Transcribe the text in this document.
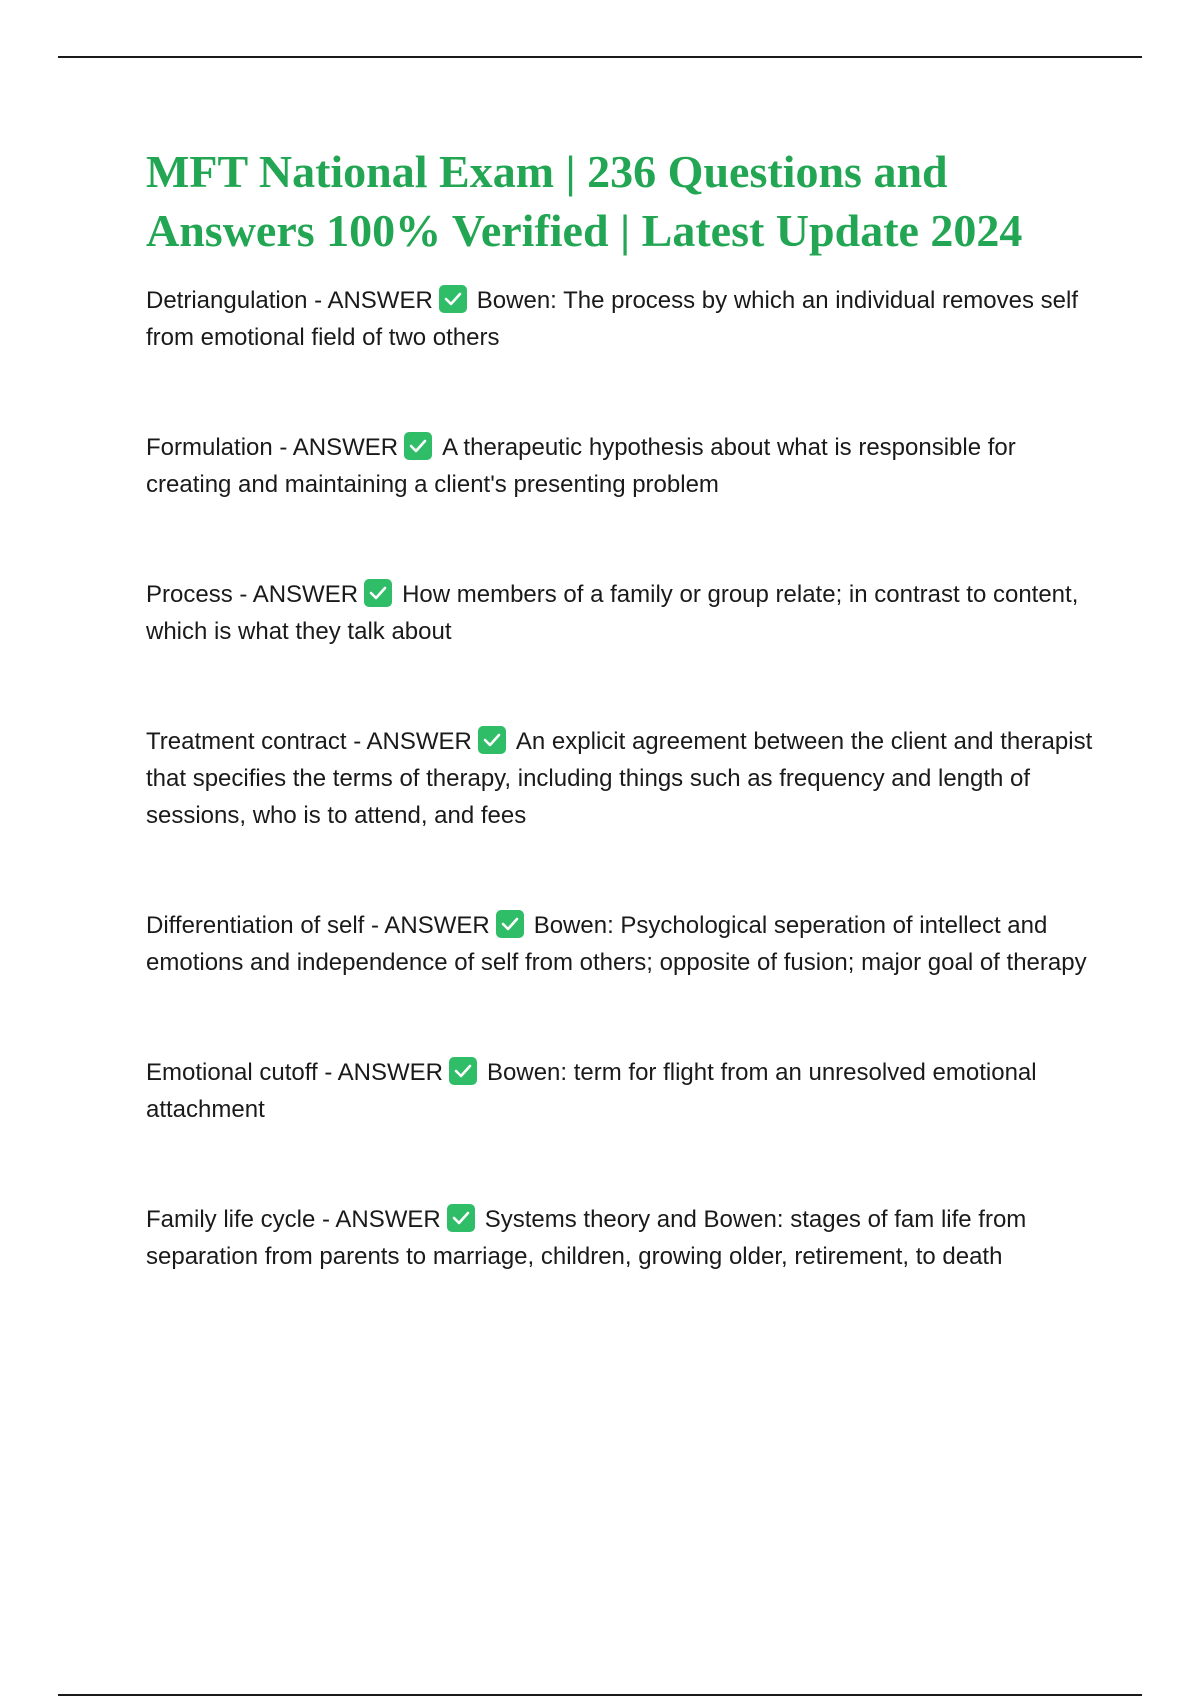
MFT National Exam | 236 Questions and Answers 100% Verified | Latest Update 2024
Detriangulation - ANSWER Bowen: The process by which an individual removes self from emotional field of two others
Formulation - ANSWER A therapeutic hypothesis about what is responsible for creating and maintaining a client's presenting problem
Process - ANSWER How members of a family or group relate; in contrast to content, which is what they talk about
Treatment contract - ANSWER An explicit agreement between the client and therapist that specifies the terms of therapy, including things such as frequency and length of sessions, who is to attend, and fees
Differentiation of self - ANSWER Bowen: Psychological seperation of intellect and emotions and independence of self from others; opposite of fusion; major goal of therapy
Emotional cutoff - ANSWER Bowen: term for flight from an unresolved emotional attachment
Family life cycle - ANSWER Systems theory and Bowen: stages of fam life from separation from parents to marriage, children, growing older, retirement, to death
